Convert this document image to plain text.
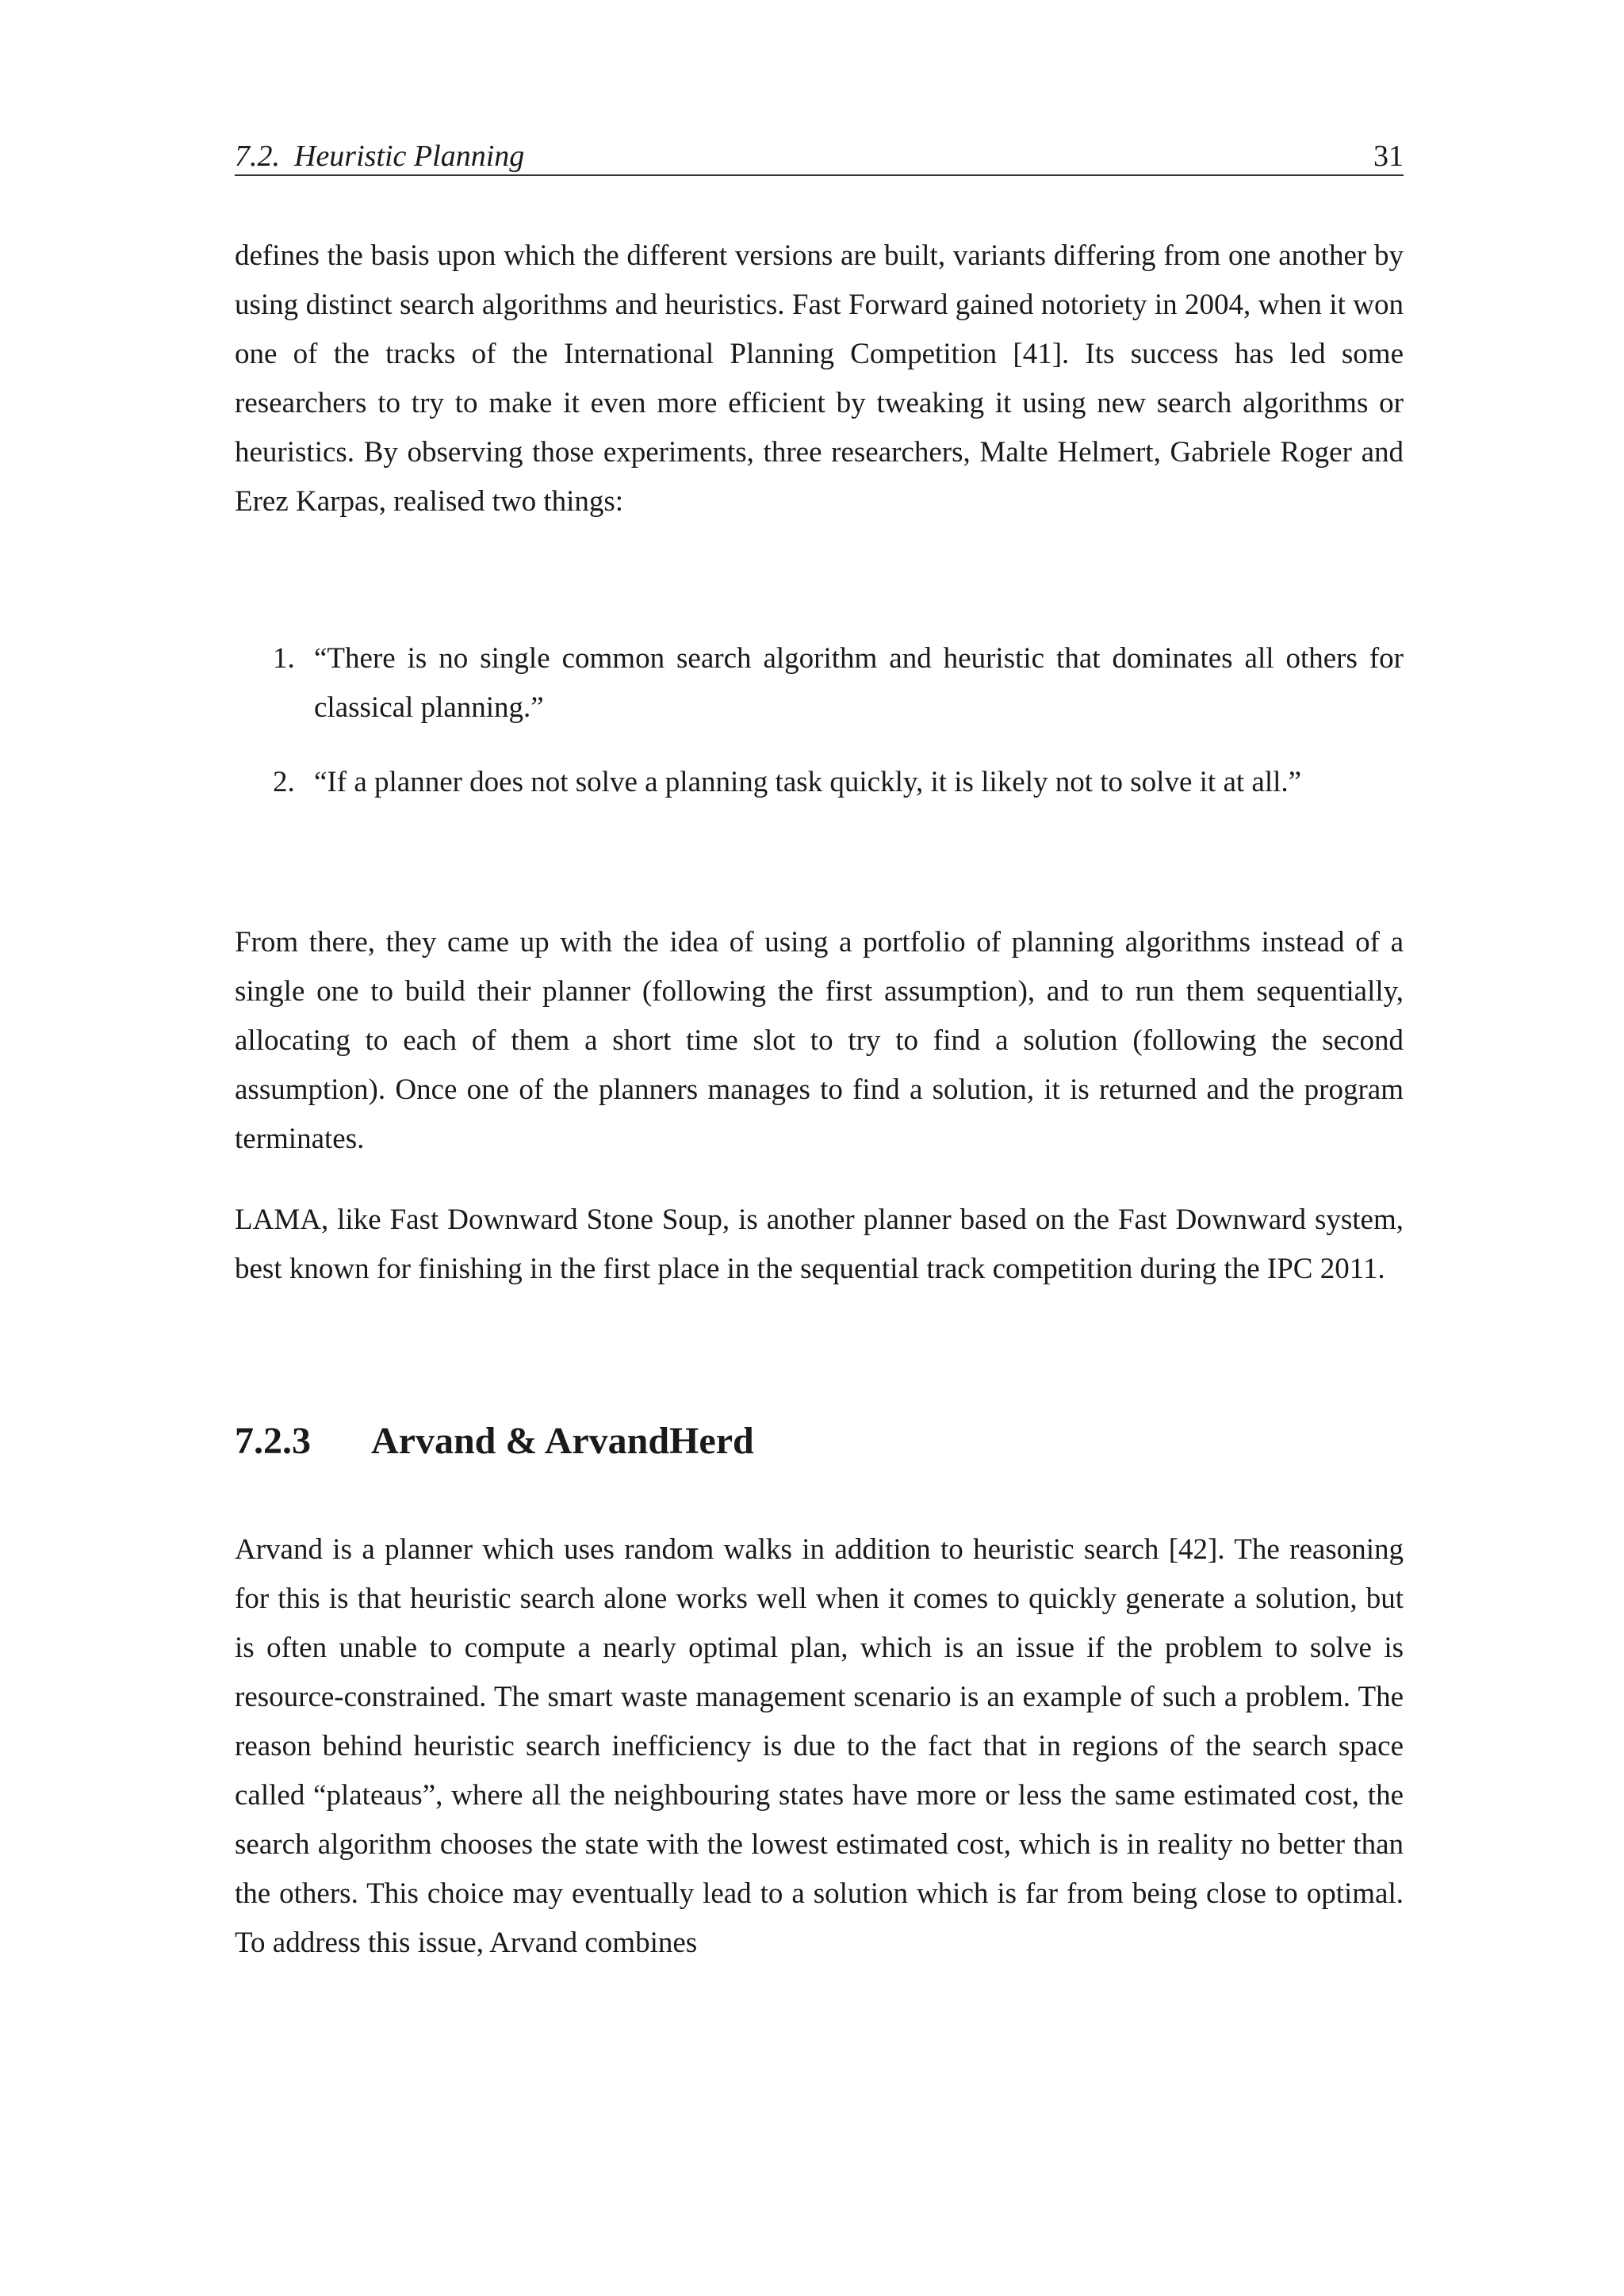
7.2. Heuristic Planning	31

defines the basis upon which the different versions are built, variants differing from one another by using distinct search algorithms and heuristics. Fast Forward gained notoriety in 2004, when it won one of the tracks of the International Planning Competition [41]. Its success has led some researchers to try to make it even more efficient by tweaking it using new search algorithms or heuristics. By observing those experiments, three researchers, Malte Helmert, Gabriele Roger and Erez Karpas, realised two things:

1. “There is no single common search algorithm and heuristic that dominates all others for classical planning.”
2. “If a planner does not solve a planning task quickly, it is likely not to solve it at all.”

From there, they came up with the idea of using a portfolio of planning algorithms instead of a single one to build their planner (following the first assumption), and to run them sequentially, allocating to each of them a short time slot to try to find a solution (following the second assumption). Once one of the planners manages to find a solution, it is returned and the program terminates.

LAMA, like Fast Downward Stone Soup, is another planner based on the Fast Downward system, best known for finishing in the first place in the sequential track competition during the IPC 2011.

7.2.3 Arvand & ArvandHerd

Arvand is a planner which uses random walks in addition to heuristic search [42]. The reasoning for this is that heuristic search alone works well when it comes to quickly generate a solution, but is often unable to compute a nearly optimal plan, which is an issue if the problem to solve is resource-constrained. The smart waste management scenario is an example of such a problem. The reason behind heuristic search inefficiency is due to the fact that in regions of the search space called “plateaus”, where all the neighbouring states have more or less the same estimated cost, the search algorithm chooses the state with the lowest estimated cost, which is in reality no better than the others. This choice may eventually lead to a solution which is far from being close to optimal. To address this issue, Arvand combines
